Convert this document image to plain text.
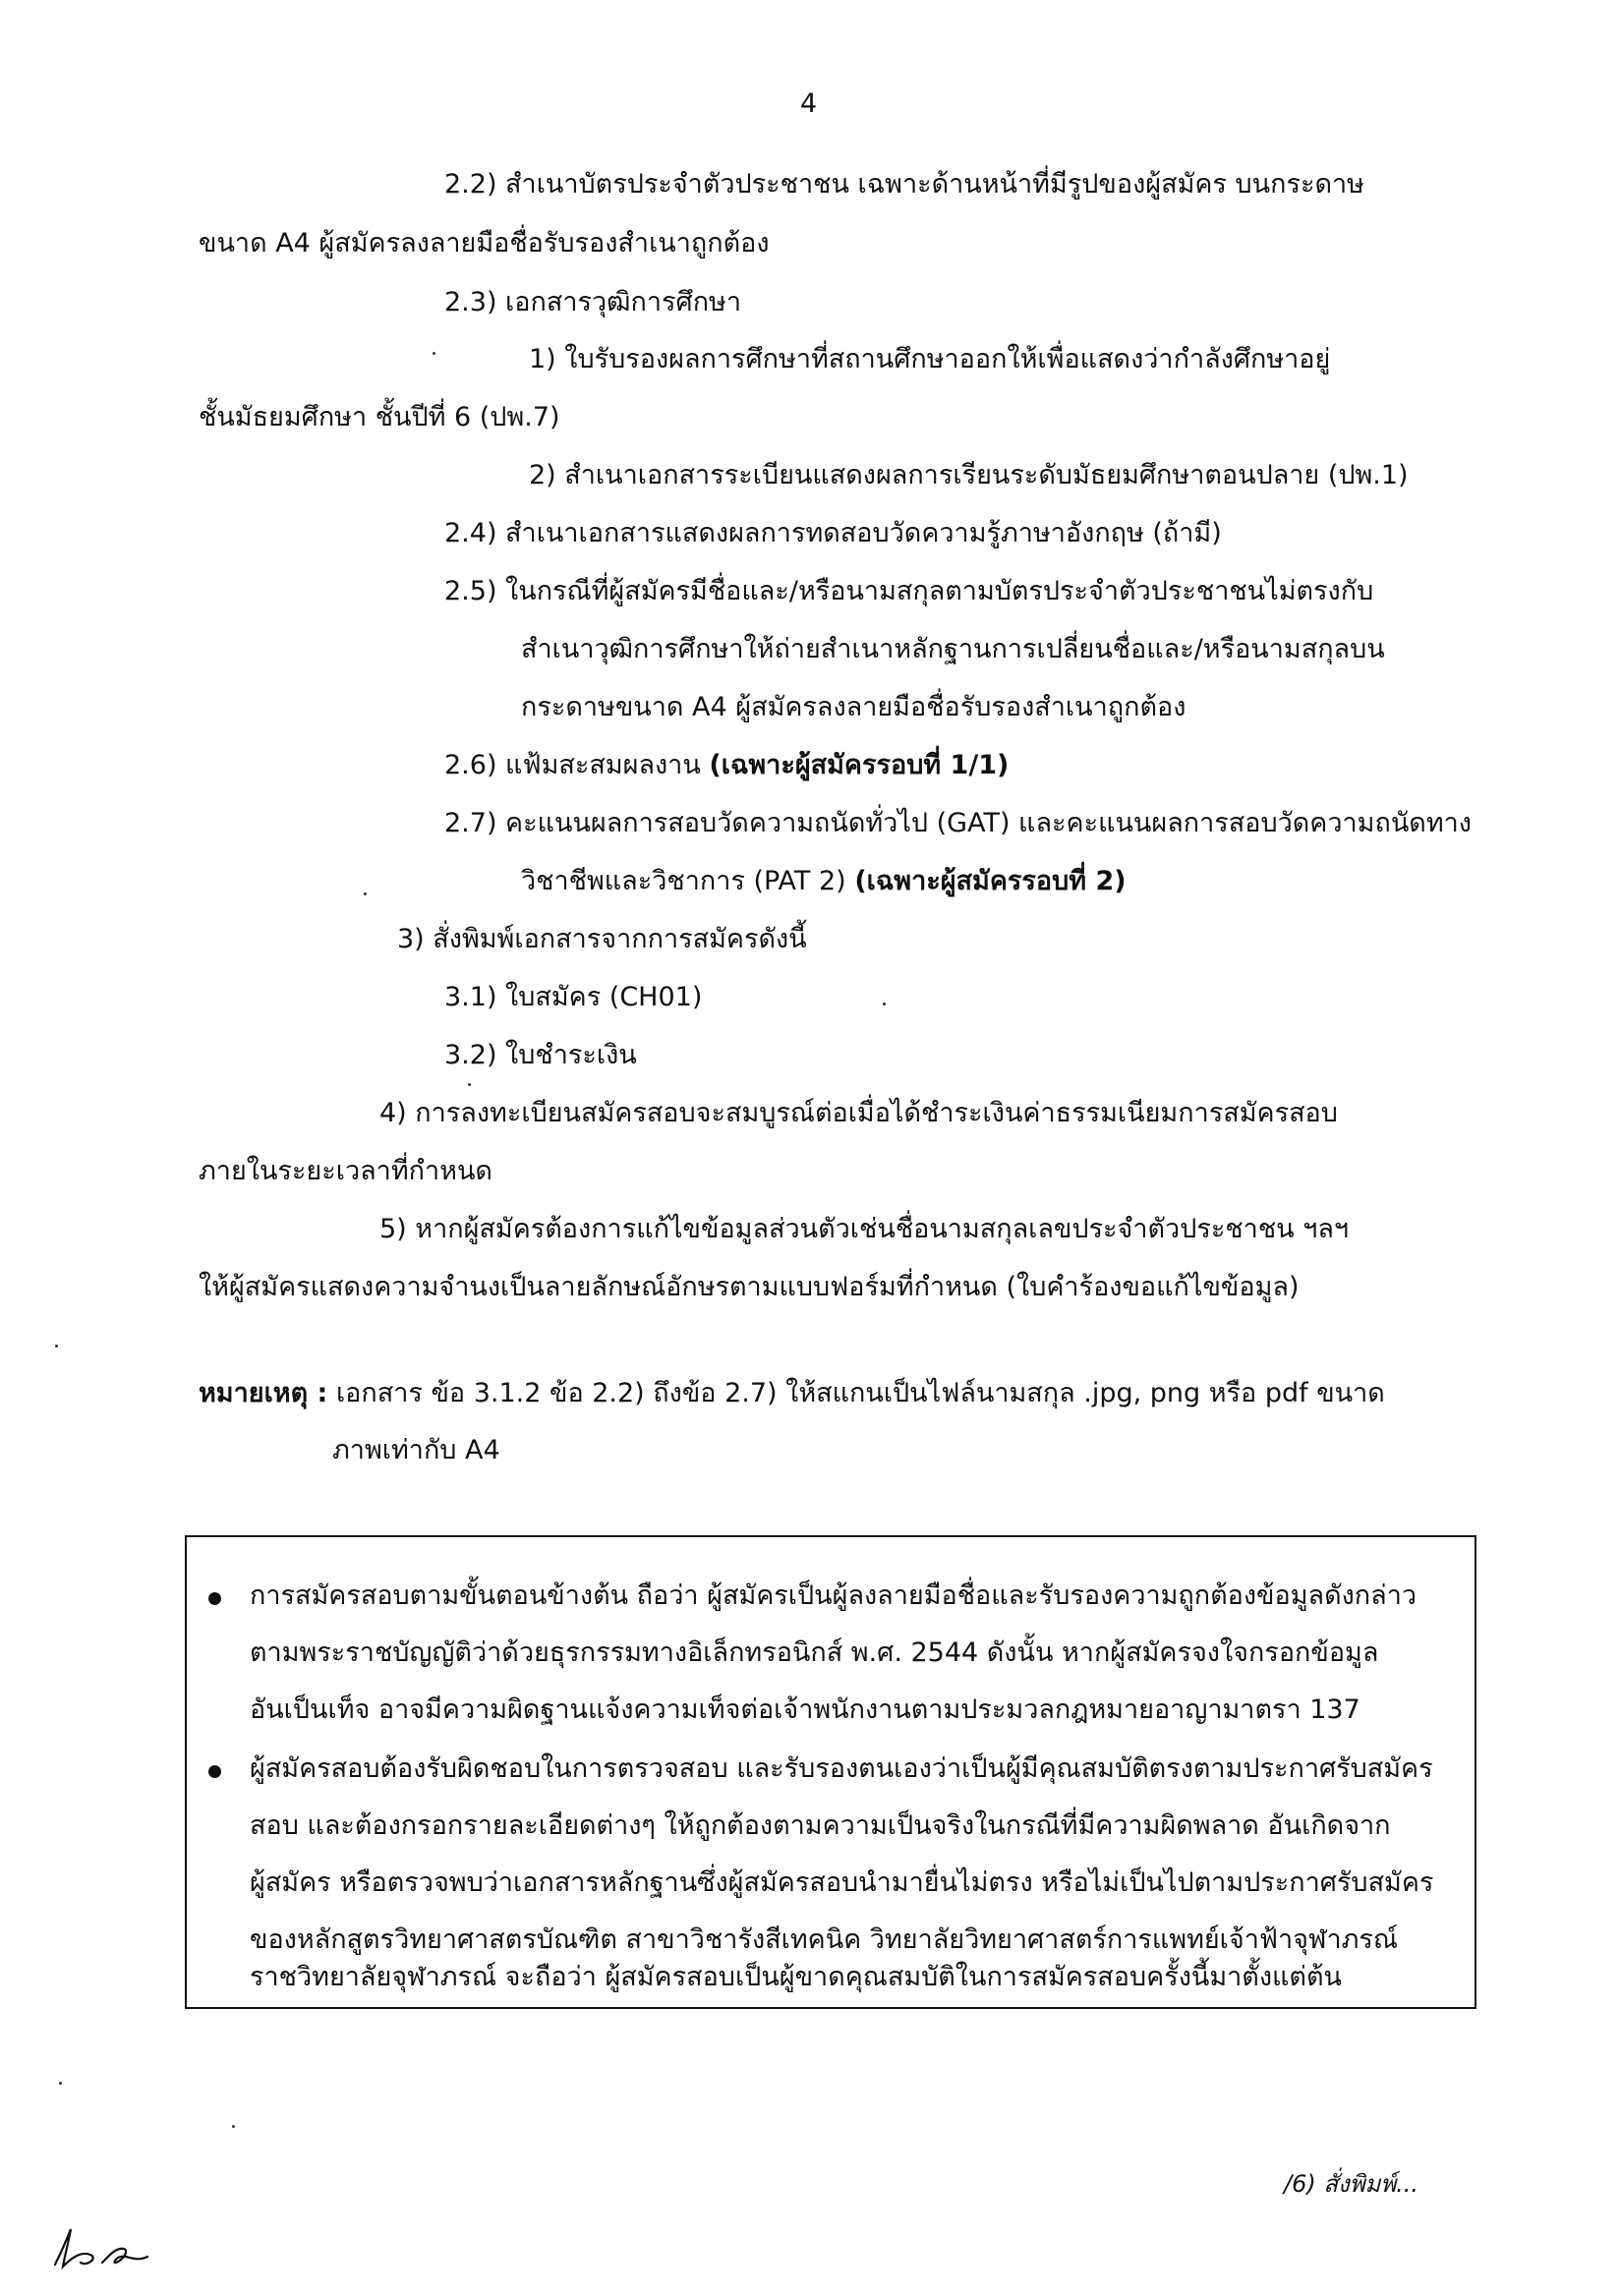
4
2.2) สำเนาบัตรประจำตัวประชาชน เฉพาะด้านหน้าที่มีรูปของผู้สมัคร บนกระดาษ
ขนาด A4 ผู้สมัครลงลายมือชื่อรับรองสำเนาถูกต้อง
2.3) เอกสารวุฒิการศึกษา
1) ใบรับรองผลการศึกษาที่สถานศึกษาออกให้เพื่อแสดงว่ากำลังศึกษาอยู่
ชั้นมัธยมศึกษา ชั้นปีที่ 6 (ปพ.7)
2) สำเนาเอกสารระเบียนแสดงผลการเรียนระดับมัธยมศึกษาตอนปลาย (ปพ.1)
2.4) สำเนาเอกสารแสดงผลการทดสอบวัดความรู้ภาษาอังกฤษ (ถ้ามี)
2.5) ในกรณีที่ผู้สมัครมีชื่อและ/หรือนามสกุลตามบัตรประจำตัวประชาชนไม่ตรงกับ
สำเนาวุฒิการศึกษาให้ถ่ายสำเนาหลักฐานการเปลี่ยนชื่อและ/หรือนามสกุลบน
กระดาษขนาด A4 ผู้สมัครลงลายมือชื่อรับรองสำเนาถูกต้อง
2.6) แฟ้มสะสมผลงาน (เฉพาะผู้สมัครรอบที่ 1/1)
2.7) คะแนนผลการสอบวัดความถนัดทั่วไป (GAT) และคะแนนผลการสอบวัดความถนัดทาง
วิชาชีพและวิชาการ (PAT 2) (เฉพาะผู้สมัครรอบที่ 2)
3) สั่งพิมพ์เอกสารจากการสมัครดังนี้
3.1) ใบสมัคร (CH01)
3.2) ใบชำระเงิน
4) การลงทะเบียนสมัครสอบจะสมบูรณ์ต่อเมื่อได้ชำระเงินค่าธรรมเนียมการสมัครสอบ
ภายในระยะเวลาที่กำหนด
5) หากผู้สมัครต้องการแก้ไขข้อมูลส่วนตัวเช่นชื่อนามสกุลเลขประจำตัวประชาชน ฯลฯ
ให้ผู้สมัครแสดงความจำนงเป็นลายลักษณ์อักษรตามแบบฟอร์มที่กำหนด (ใบคำร้องขอแก้ไขข้อมูล)
หมายเหตุ : เอกสาร ข้อ 3.1.2 ข้อ 2.2) ถึงข้อ 2.7) ให้สแกนเป็นไฟล์นามสกุล .jpg, png หรือ pdf ขนาด
ภาพเท่ากับ A4
การสมัครสอบตามขั้นตอนข้างต้น ถือว่า ผู้สมัครเป็นผู้ลงลายมือชื่อและรับรองความถูกต้องข้อมูลดังกล่าว
ตามพระราชบัญญัติว่าด้วยธุรกรรมทางอิเล็กทรอนิกส์ พ.ศ. 2544 ดังนั้น หากผู้สมัครจงใจกรอกข้อมูล
อันเป็นเท็จ อาจมีความผิดฐานแจ้งความเท็จต่อเจ้าพนักงานตามประมวลกฎหมายอาญามาตรา 137
ผู้สมัครสอบต้องรับผิดชอบในการตรวจสอบ และรับรองตนเองว่าเป็นผู้มีคุณสมบัติตรงตามประกาศรับสมัคร
สอบ และต้องกรอกรายละเอียดต่างๆ ให้ถูกต้องตามความเป็นจริงในกรณีที่มีความผิดพลาด อันเกิดจาก
ผู้สมัคร หรือตรวจพบว่าเอกสารหลักฐานซึ่งผู้สมัครสอบนำมายื่นไม่ตรง หรือไม่เป็นไปตามประกาศรับสมัคร
ของหลักสูตรวิทยาศาสตรบัณฑิต สาขาวิชารังสีเทคนิค วิทยาลัยวิทยาศาสตร์การแพทย์เจ้าฟ้าจุฬาภรณ์
ราชวิทยาลัยจุฬาภรณ์ จะถือว่า ผู้สมัครสอบเป็นผู้ขาดคุณสมบัติในการสมัครสอบครั้งนี้มาตั้งแต่ต้น
/6) สั่งพิมพ์...
